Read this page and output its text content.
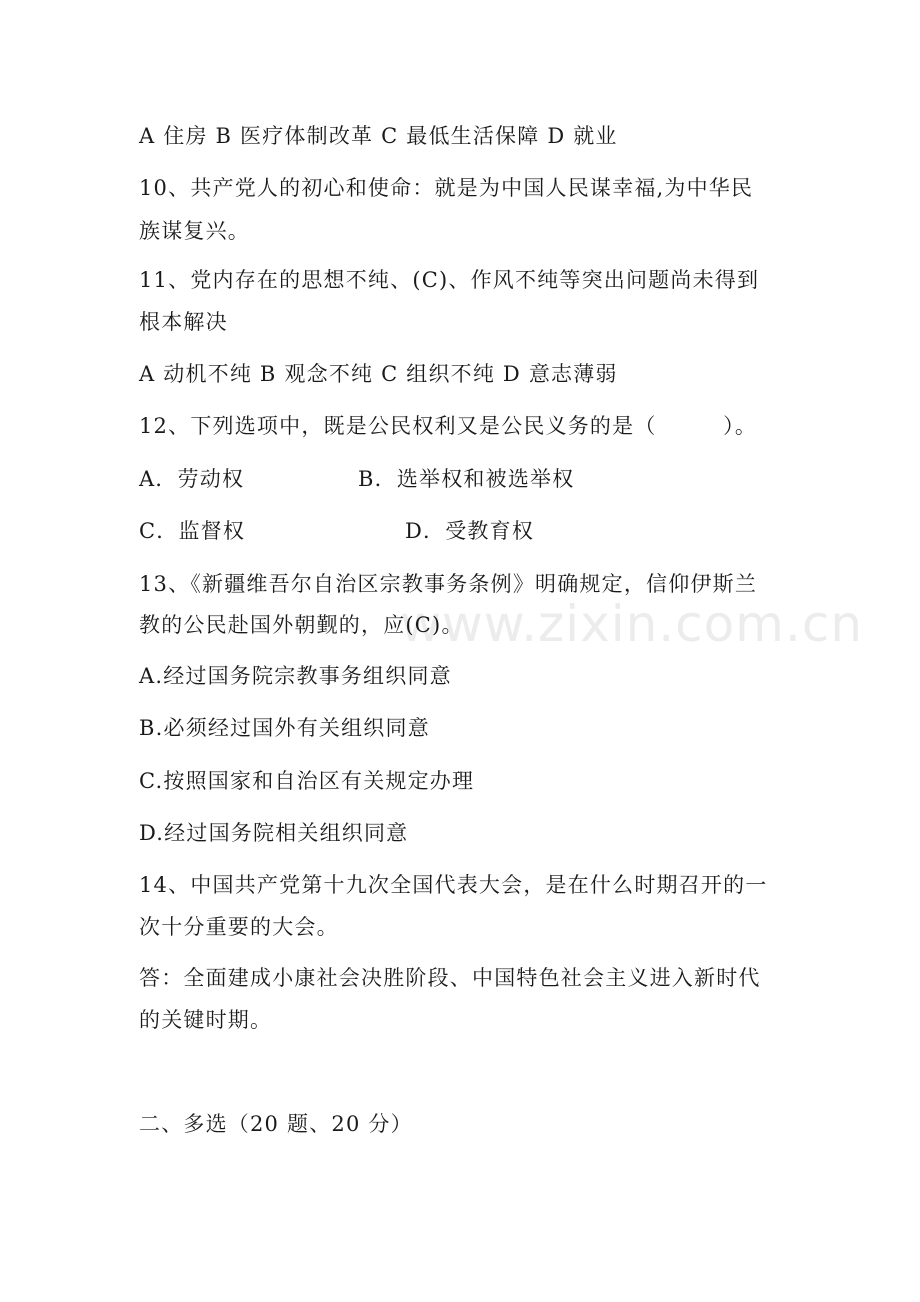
www.zixin.com.cn
A 住房 B 医疗体制改革 C 最低生活保障 D 就业
10、共产党人的初心和使命：就是为中国人民谋幸福,为中华民
族谋复兴。
11、党内存在的思想不纯、(C)、作风不纯等突出问题尚未得到
根本解决
A 动机不纯 B 观念不纯 C 组织不纯 D 意志薄弱
12、下列选项中，既是公民权利又是公民义务的是（　　　）。
A．劳动权	B．选举权和被选举权
C．监督权	D．受教育权
13、《新疆维吾尔自治区宗教事务条例》明确规定，信仰伊斯兰
教的公民赴国外朝觐的，应(C)。
A.经过国务院宗教事务组织同意
B.必须经过国外有关组织同意
C.按照国家和自治区有关规定办理
D.经过国务院相关组织同意
14、中国共产党第十九次全国代表大会，是在什么时期召开的一
次十分重要的大会。
答：全面建成小康社会决胜阶段、中国特色社会主义进入新时代
的关键时期。
二、多选（20 题、20 分）
